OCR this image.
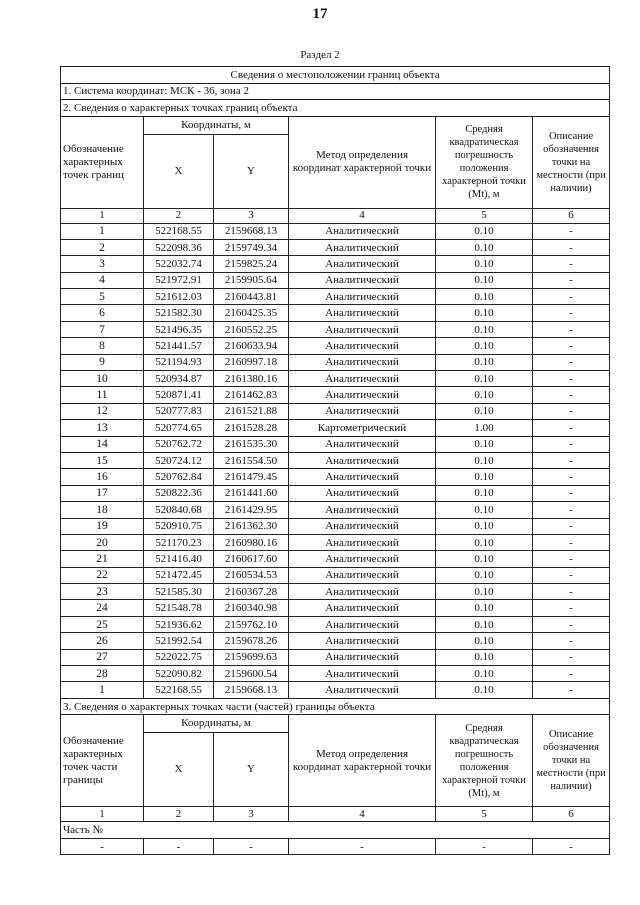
17
Раздел 2
Сведения о местоположении границ объекта					
1. Система координат: МСК - 36, зона 2					
2. Сведения о характерных точках границ объекта					
Обозначение характерных точек границ	Координаты, м		Метод определения координат характерной точки	Средняя квадратическая погрешность положения характерной точки (Mt), м	Описание обозначения точки на местности (при наличии)
	X	Y			
1	2	3	4	5	6
1	522168.55	2159668.13	Аналитический	0.10	-
2	522098.36	2159749.34	Аналитический	0.10	-
3	522032.74	2159825.24	Аналитический	0.10	-
4	521972.91	2159905.64	Аналитический	0.10	-
5	521612.03	2160443.81	Аналитический	0.10	-
6	521582.30	2160425.35	Аналитический	0.10	-
7	521496.35	2160552.25	Аналитический	0.10	-
8	521441.57	2160633.94	Аналитический	0.10	-
9	521194.93	2160997.18	Аналитический	0.10	-
10	520934.87	2161380.16	Аналитический	0.10	-
11	520871.41	2161462.83	Аналитический	0.10	-
12	520777.83	2161521.88	Аналитический	0.10	-
13	520774.65	2161528.28	Картометрический	1.00	-
14	520762.72	2161535.30	Аналитический	0.10	-
15	520724.12	2161554.50	Аналитический	0.10	-
16	520762.84	2161479.45	Аналитический	0.10	-
17	520822.36	2161441.60	Аналитический	0.10	-
18	520840.68	2161429.95	Аналитический	0.10	-
19	520910.75	2161362.30	Аналитический	0.10	-
20	521170.23	2160980.16	Аналитический	0.10	-
21	521416.40	2160617.60	Аналитический	0.10	-
22	521472.45	2160534.53	Аналитический	0.10	-
23	521585.30	2160367.28	Аналитический	0.10	-
24	521548.78	2160340.98	Аналитический	0.10	-
25	521936.62	2159762.10	Аналитический	0.10	-
26	521992.54	2159678.26	Аналитический	0.10	-
27	522022.75	2159699.63	Аналитический	0.10	-
28	522090.82	2159600.54	Аналитический	0.10	-
1	522168.55	2159668.13	Аналитический	0.10	-
3. Сведения о характерных точках части (частей) границы объекта					
Обозначение характерных точек части границы	Координаты, м		Метод определения координат характерной точки	Средняя квадратическая погрешность положения характерной точки (Mt), м	Описание обозначения точки на местности (при наличии)
	X	Y			
1	2	3	4	5	6
Часть №					
-	-	-	-	-	-
